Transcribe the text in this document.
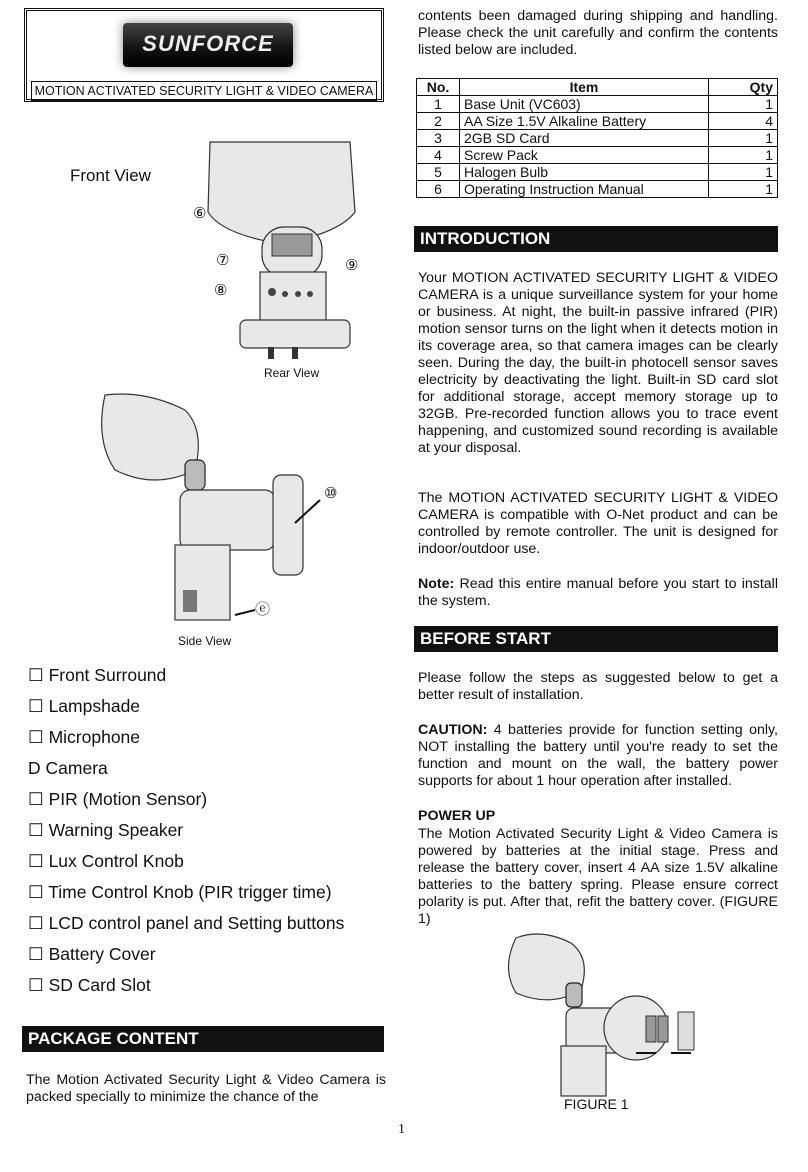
SUNFORCE
MOTION ACTIVATED SECURITY LIGHT & VIDEO CAMERA
Front View
⑥
⑦
⑧
⑨
Rear View
⑩
ⓔ
Side View
☐ Front Surround
☐ Lampshade
☐ Microphone
D Camera
☐ PIR (Motion Sensor)
☐ Warning Speaker
☐ Lux Control Knob
☐ Time Control Knob (PIR trigger time)
☐ LCD control panel and Setting buttons
☐ Battery Cover
☐ SD Card Slot
PACKAGE CONTENT
The Motion Activated Security Light & Video Camera is packed specially to minimize the chance of the
contents been damaged during shipping and handling. Please check the unit carefully and confirm the contents listed below are included.
No.	Item	Qty
1	Base Unit (VC603)	1
2	AA Size 1.5V Alkaline Battery	4
3	2GB SD Card	1
4	Screw Pack	1
5	Halogen Bulb	1
6	Operating Instruction Manual	1
INTRODUCTION
Your MOTION ACTIVATED SECURITY LIGHT & VIDEO CAMERA is a unique surveillance system for your home or business. At night, the built-in passive infrared (PIR) motion sensor turns on the light when it detects motion in its coverage area, so that camera images can be clearly seen. During the day, the built-in photocell sensor saves electricity by deactivating the light. Built-in SD card slot for additional storage, accept memory storage up to 32GB. Pre-recorded function allows you to trace event happening, and customized sound recording is available at your disposal.
The MOTION ACTIVATED SECURITY LIGHT & VIDEO CAMERA is compatible with O-Net product and can be controlled by remote controller. The unit is designed for indoor/outdoor use.
Note: Read this entire manual before you start to install the system.
BEFORE START
Please follow the steps as suggested below to get a better result of installation.
CAUTION: 4 batteries provide for function setting only, NOT installing the battery until you're ready to set the function and mount on the wall, the battery power supports for about 1 hour operation after installed.
POWER UP
The Motion Activated Security Light & Video Camera is powered by batteries at the initial stage. Press and release the battery cover, insert 4 AA size 1.5V alkaline batteries to the battery spring. Please ensure correct polarity is put. After that, refit the battery cover. (FIGURE 1)
FIGURE 1
1
